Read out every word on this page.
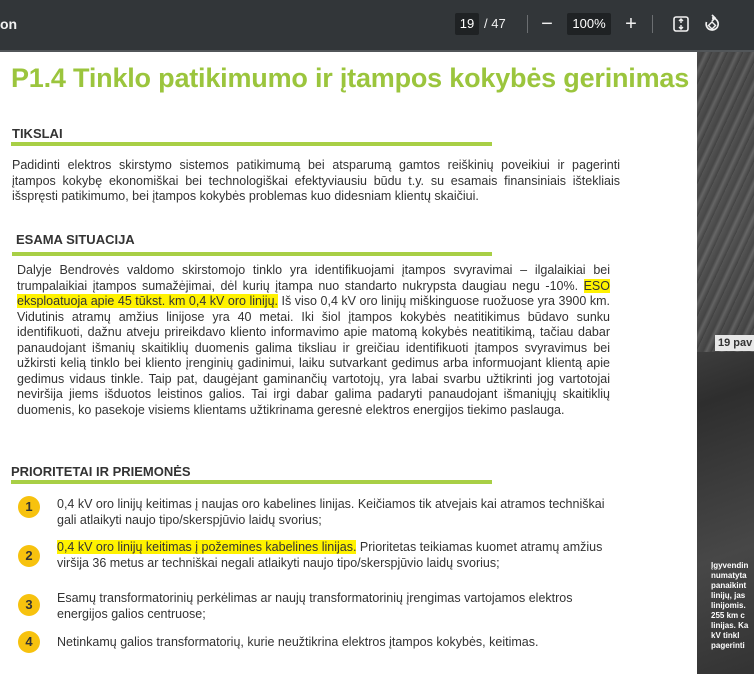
on	19 / 47	−	100% +
19 pav
Įgyvendin
numatyta
panaikint
linijų, jas
linijomis.
255 km c
linijas. Ka
kV tinkl
pagerinti
P1.4 Tinklo patikimumo ir įtampos kokybės gerinimas
TIKSLAI
Padidinti elektros skirstymo sistemos patikimumą bei atsparumą gamtos reiškinių poveikiui ir pagerinti įtampos kokybę ekonomiškai bei technologiškai efektyviausiu būdu t.y. su esamais finansiniais ištekliais išspręsti patikimumo, bei įtampos kokybės problemas kuo didesniam klientų skaičiui.
ESAMA SITUACIJA
Dalyje Bendrovės valdomo skirstomojo tinklo yra identifikuojami įtampos svyravimai – ilgalaikiai bei trumpalaikiai įtampos sumažėjimai, dėl kurių įtampa nuo standarto nukrypsta daugiau negu -10%. ESO eksploatuoja apie 45 tūkst. km 0,4 kV oro linijų. Iš viso 0,4 kV oro linijų miškinguose ruožuose yra 3900 km. Vidutinis atramų amžius linijose yra 40 metai. Iki šiol įtampos kokybės neatitikimus būdavo sunku identifikuoti, dažnu atveju prireikdavo kliento informavimo apie matomą kokybės neatitikimą, tačiau dabar panaudojant išmanių skaitiklių duomenis galima tiksliau ir greičiau identifikuoti įtampos svyravimus bei užkirsti kelią tinklo bei kliento įrenginių gadinimui, laiku sutvarkant gedimus arba informuojant klientą apie gedimus vidaus tinkle. Taip pat, daugėjant gaminančių vartotojų, yra labai svarbu užtikrinti jog vartotojai neviršija jiems išduotos leistinos galios. Tai irgi dabar galima padaryti panaudojant išmaniųjų skaitiklių duomenis, ko pasekoje visiems klientams užtikrinama geresnė elektros energijos tiekimo paslauga.
PRIORITETAI IR PRIEMONĖS
1	0,4 kV oro linijų keitimas į naujas oro kabelines linijas. Keičiamos tik atvejais kai atramos techniškai gali atlaikyti naujo tipo/skerspjūvio laidų svorius;
2
0,4 kV oro linijų keitimas į požemines kabelines linijas. Prioritetas teikiamas kuomet atramų amžius viršija 36 metus ar techniškai negali atlaikyti naujo tipo/skerspjūvio laidų svorius;
3	Esamų transformatorinių perkėlimas ar naujų transformatorinių įrengimas vartojamos elektros energijos galios centruose;
4	Netinkamų galios transformatorių, kurie neužtikrina elektros įtampos kokybės, keitimas.
